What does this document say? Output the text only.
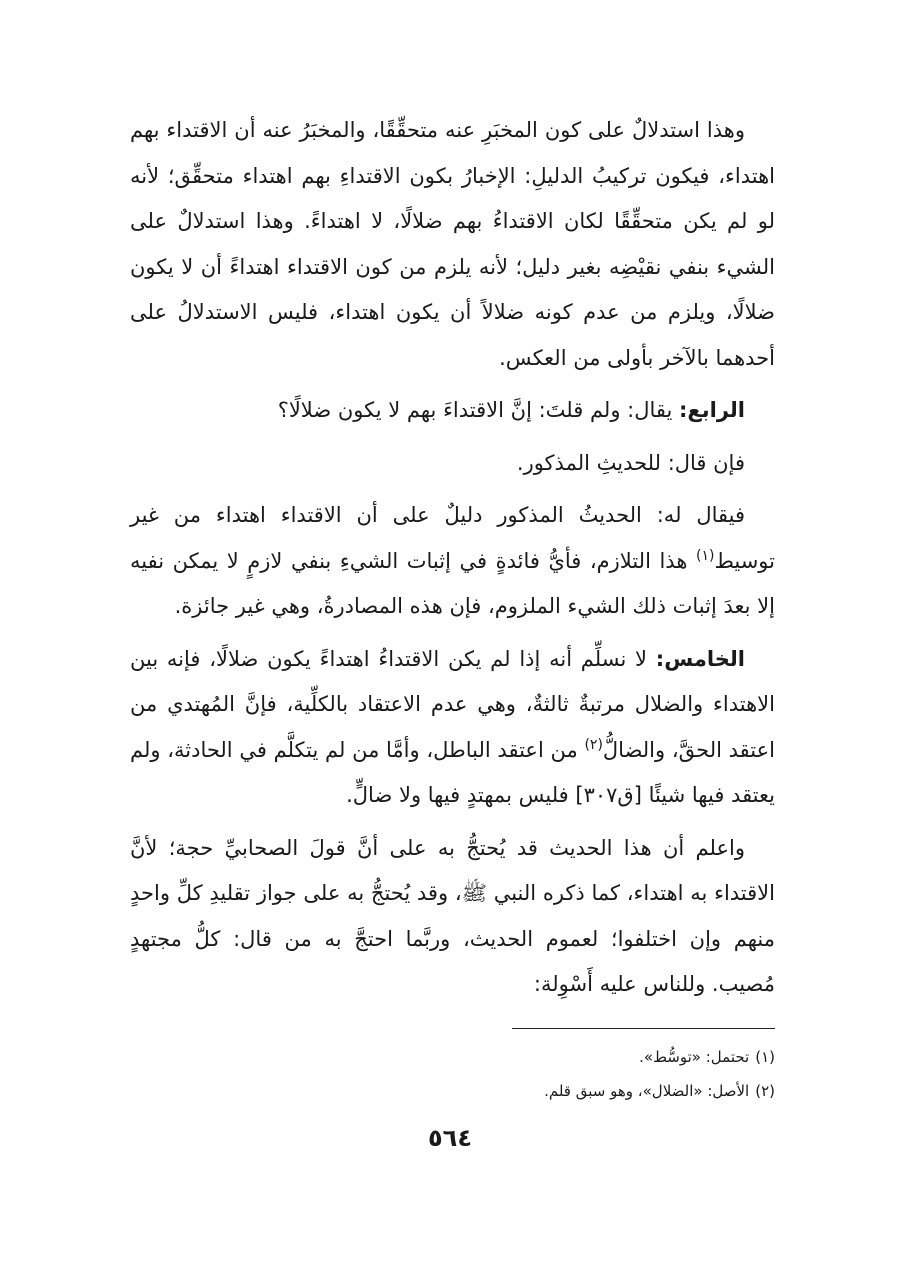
وهذا استدلالٌ على كون المخبَرِ عنه متحقِّقًا، والمخبَرُ عنه أن الاقتداء بهم اهتداء، فيكون تركيبُ الدليلِ: الإخبارُ بكون الاقتداءِ بهم اهتداء متحقِّق؛ لأنه لو لم يكن متحقِّقًا لكان الاقتداءُ بهم ضلالًا، لا اهتداءً. وهذا استدلالٌ على الشيء بنفي نقيْضِه بغير دليل؛ لأنه يلزم من كون الاقتداء اهتداءً أن لا يكون ضلالًا، ويلزم من عدم كونه ضلالاً أن يكون اهتداء، فليس الاستدلالُ على أحدهما بالآخر بأولى من العكس.

الرابع: يقال: ولم قلتَ: إنَّ الاقتداءَ بهم لا يكون ضلالًا؟

فإن قال: للحديثِ المذكور.

فيقال له: الحديثُ المذكور دليلٌ على أن الاقتداء اهتداء من غير توسيط$^{(١)}$ هذا التلازم، فأيُّ فائدةٍ في إثبات الشيءِ بنفي لازمٍ لا يمكن نفيه إلا بعدَ إثبات ذلك الشيء الملزوم، فإن هذه المصادرةُ، وهي غير جائزة.

الخامس: لا نسلِّم أنه إذا لم يكن الاقتداءُ اهتداءً يكون ضلالًا، فإنه بين الاهتداء والضلال مرتبةٌ ثالثةٌ، وهي عدم الاعتقاد بالكلِّية، فإنَّ المُهتدي من اعتقد الحقَّ، والضالُّ$^{(٢)}$ من اعتقد الباطل، وأمَّا من لم يتكلَّم في الحادثة، ولم يعتقد فيها شيئًا [ق٣٠٧] فليس بمهتدٍ فيها ولا ضالٍّ.

واعلم أن هذا الحديث قد يُحتجُّ به على أنَّ قولَ الصحابيِّ حجة؛ لأنَّ الاقتداء به اهتداء، كما ذكره النبي ﷺ، وقد يُحتجُّ به على جواز تقليدِ كلِّ واحدٍ منهم وإن اختلفوا؛ لعموم الحديث، وربَّما احتجَّ به من قال: كلُّ مجتهدٍ مُصيب. وللناس عليه أَسْوِلة:

(١)تحتمل: «توسُّط».

(٢)الأصل: «الضلال»، وهو سبق قلم.

٥٦٤
